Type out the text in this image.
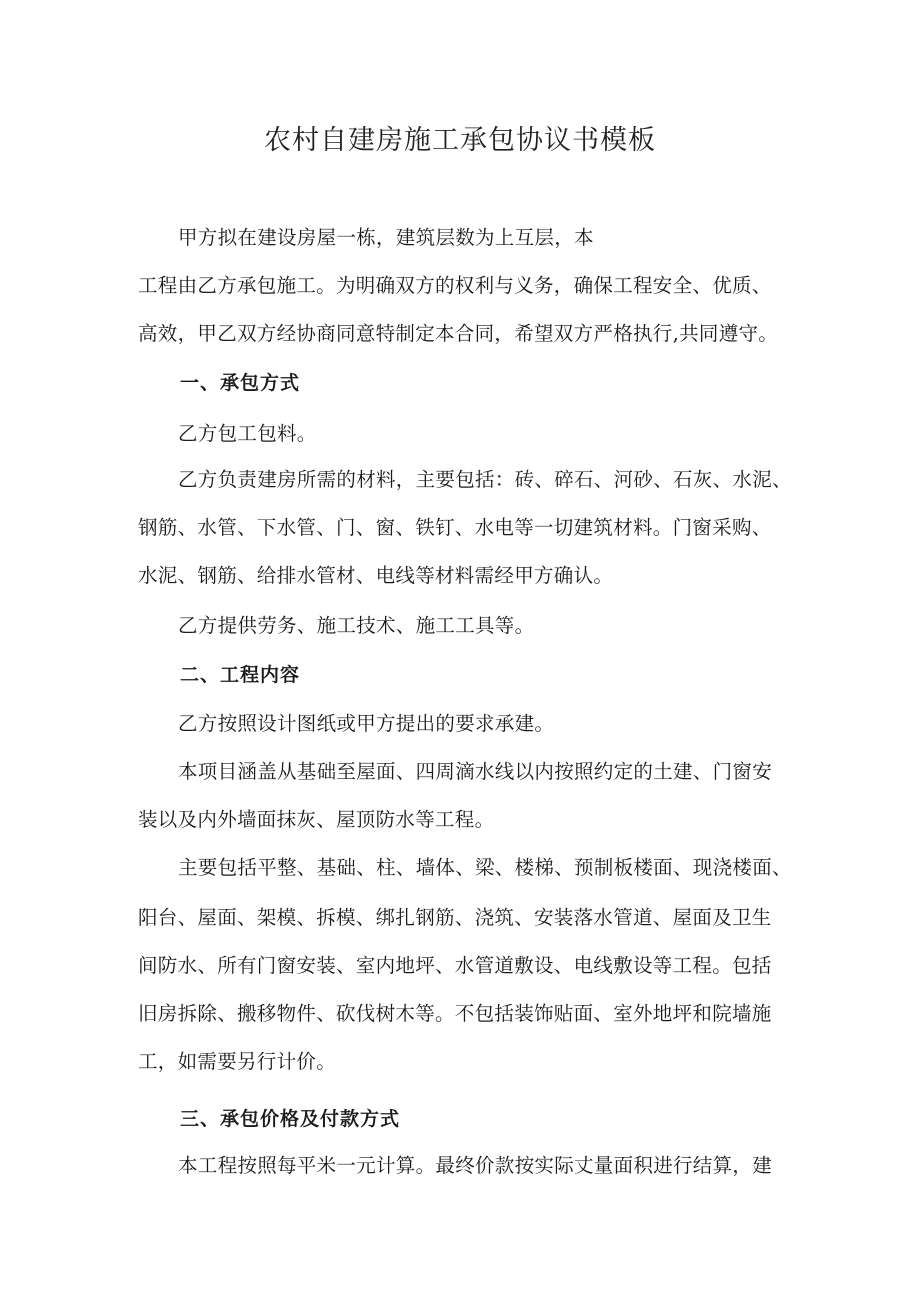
农村自建房施工承包协议书模板
甲方拟在建设房屋一栋，建筑层数为上互层，本
工程由乙方承包施工。为明确双方的权利与义务，确保工程安全、优质、
高效，甲乙双方经协商同意特制定本合同，希望双方严格执行,共同遵守。
一、承包方式
乙方包工包料。
乙方负责建房所需的材料，主要包括：砖、碎石、河砂、石灰、水泥、
钢筋、水管、下水管、门、窗、铁钉、水电等一切建筑材料。门窗采购、
水泥、钢筋、给排水管材、电线等材料需经甲方确认。
乙方提供劳务、施工技术、施工工具等。
二、工程内容
乙方按照设计图纸或甲方提出的要求承建。
本项目涵盖从基础至屋面、四周滴水线以内按照约定的土建、门窗安
装以及内外墙面抹灰、屋顶防水等工程。
主要包括平整、基础、柱、墙体、梁、楼梯、预制板楼面、现浇楼面、
阳台、屋面、架模、拆模、绑扎钢筋、浇筑、安装落水管道、屋面及卫生
间防水、所有门窗安装、室内地坪、水管道敷设、电线敷设等工程。包括
旧房拆除、搬移物件、砍伐树木等。不包括装饰贴面、室外地坪和院墙施
工，如需要另行计价。
三、承包价格及付款方式
本工程按照每平米一元计算。最终价款按实际丈量面积进行结算，建
